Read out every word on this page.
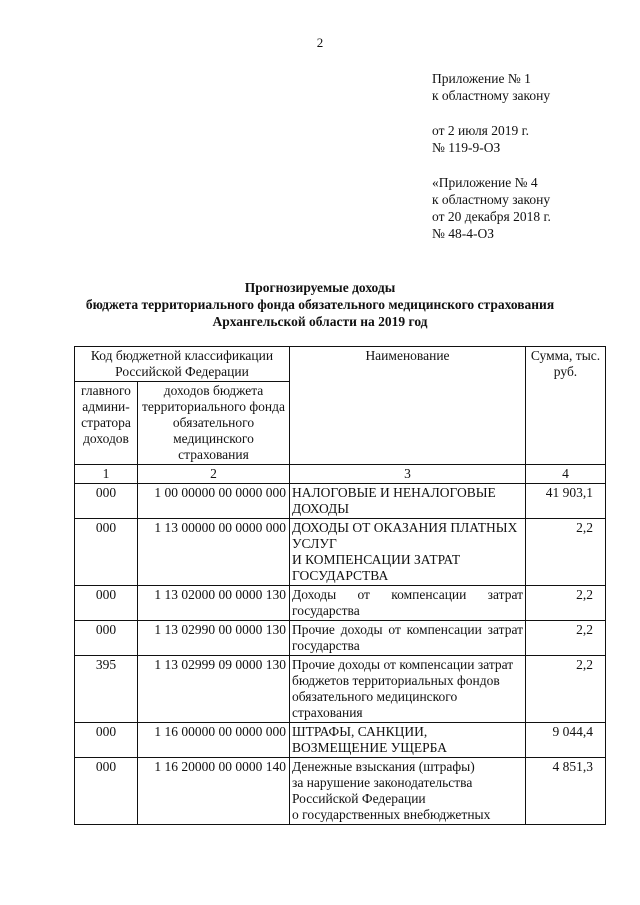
2
Приложение № 1
к областному закону
от 2 июля 2019 г.
№ 119-9-ОЗ
«Приложение № 4
к областному закону
от 20 декабря 2018 г.
№ 48-4-ОЗ
Прогнозируемые доходы
бюджета территориального фонда обязательного медицинского страхования
Архангельской области на 2019 год
Код бюджетной классификации Российской Федерации		Наименование	Сумма, тыс. руб.
главного админи-стратора доходов	доходов бюджета территориального фонда обязательного медицинского страхования		
1	2	3	4
000	1 00 00000 00 0000 000	НАЛОГОВЫЕ И НЕНАЛОГОВЫЕ ДОХОДЫ	41 903,1
000	1 13 00000 00 0000 000	ДОХОДЫ ОТ ОКАЗАНИЯ ПЛАТНЫХ УСЛУГ
И КОМПЕНСАЦИИ ЗАТРАТ ГОСУДАРСТВА	2,2
000	1 13 02000 00 0000 130	Доходы от компенсации затрат государства	2,2
000	1 13 02990 00 0000 130	Прочие доходы от компенсации затрат государства	2,2
395	1 13 02999 09 0000 130	Прочие доходы от компенсации затрат бюджетов территориальных фондов обязательного медицинского страхования	2,2
000	1 16 00000 00 0000 000	ШТРАФЫ, САНКЦИИ, ВОЗМЕЩЕНИЕ УЩЕРБА	9 044,4
000	1 16 20000 00 0000 140	Денежные взыскания (штрафы)
за нарушение законодательства Российской Федерации
о государственных внебюджетных	4 851,3
